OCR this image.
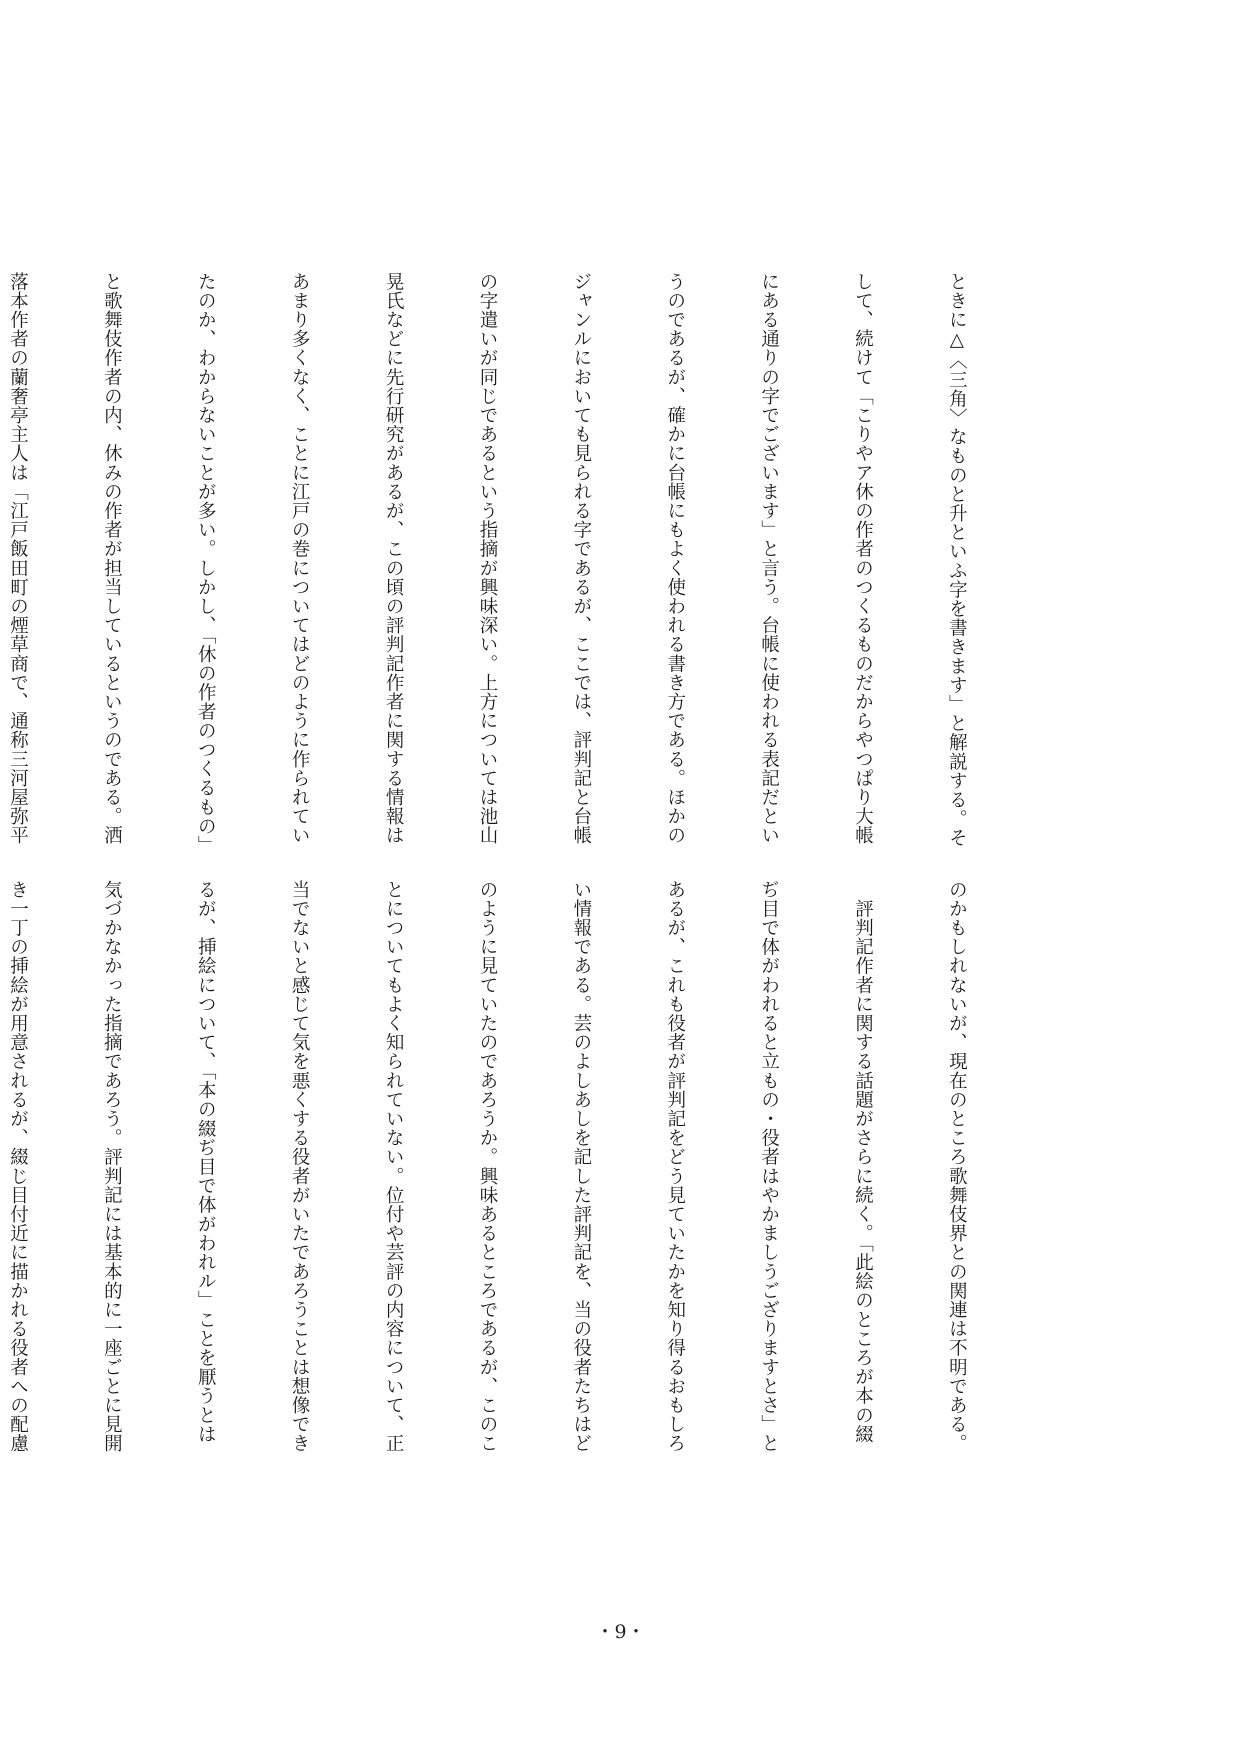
ときに△〈三角〉なものと升といふ字を書きます」と解説する。そ

して、続けて「こりやア休の作者のつくるものだからやつぱり大帳

にある通りの字でございます」と言う。台帳に使われる表記だとい

うのであるが、確かに台帳にもよく使われる書き方である。ほかの

ジャンルにおいても見られる字であるが、ここでは、評判記と台帳

の字遣いが同じであるという指摘が興味深い。上方については池山

晃氏などに先行研究があるが、この頃の評判記作者に関する情報は

あまり多くなく、ことに江戸の巻についてはどのように作られてい

たのか、わからないことが多い。しかし、「休の作者のつくるもの」

と歌舞伎作者の内、休みの作者が担当しているというのである。洒

落本作者の蘭奢亭主人は「江戸飯田町の煙草商で、通称三河屋弥平

のかもしれないが、現在のところ歌舞伎界との関連は不明である。

　評判記作者に関する話題がさらに続く。「此絵のところが本の綴

ぢ目で体がわれると立もの・役者はやかましうござりますとさ」と

あるが、これも役者が評判記をどう見ていたかを知り得るおもしろ

い情報である。芸のよしあしを記した評判記を、当の役者たちはど

のように見ていたのであろうか。興味あるところであるが、このこ

とについてもよく知られていない。位付や芸評の内容について、正

当でないと感じて気を悪くする役者がいたであろうことは想像でき

るが、挿絵について、「本の綴ぢ目で体がわれル」ことを厭うとは

気づかなかった指摘であろう。評判記には基本的に一座ごとに見開

き一丁の挿絵が用意されるが、綴じ目付近に描かれる役者への配慮

・9・
